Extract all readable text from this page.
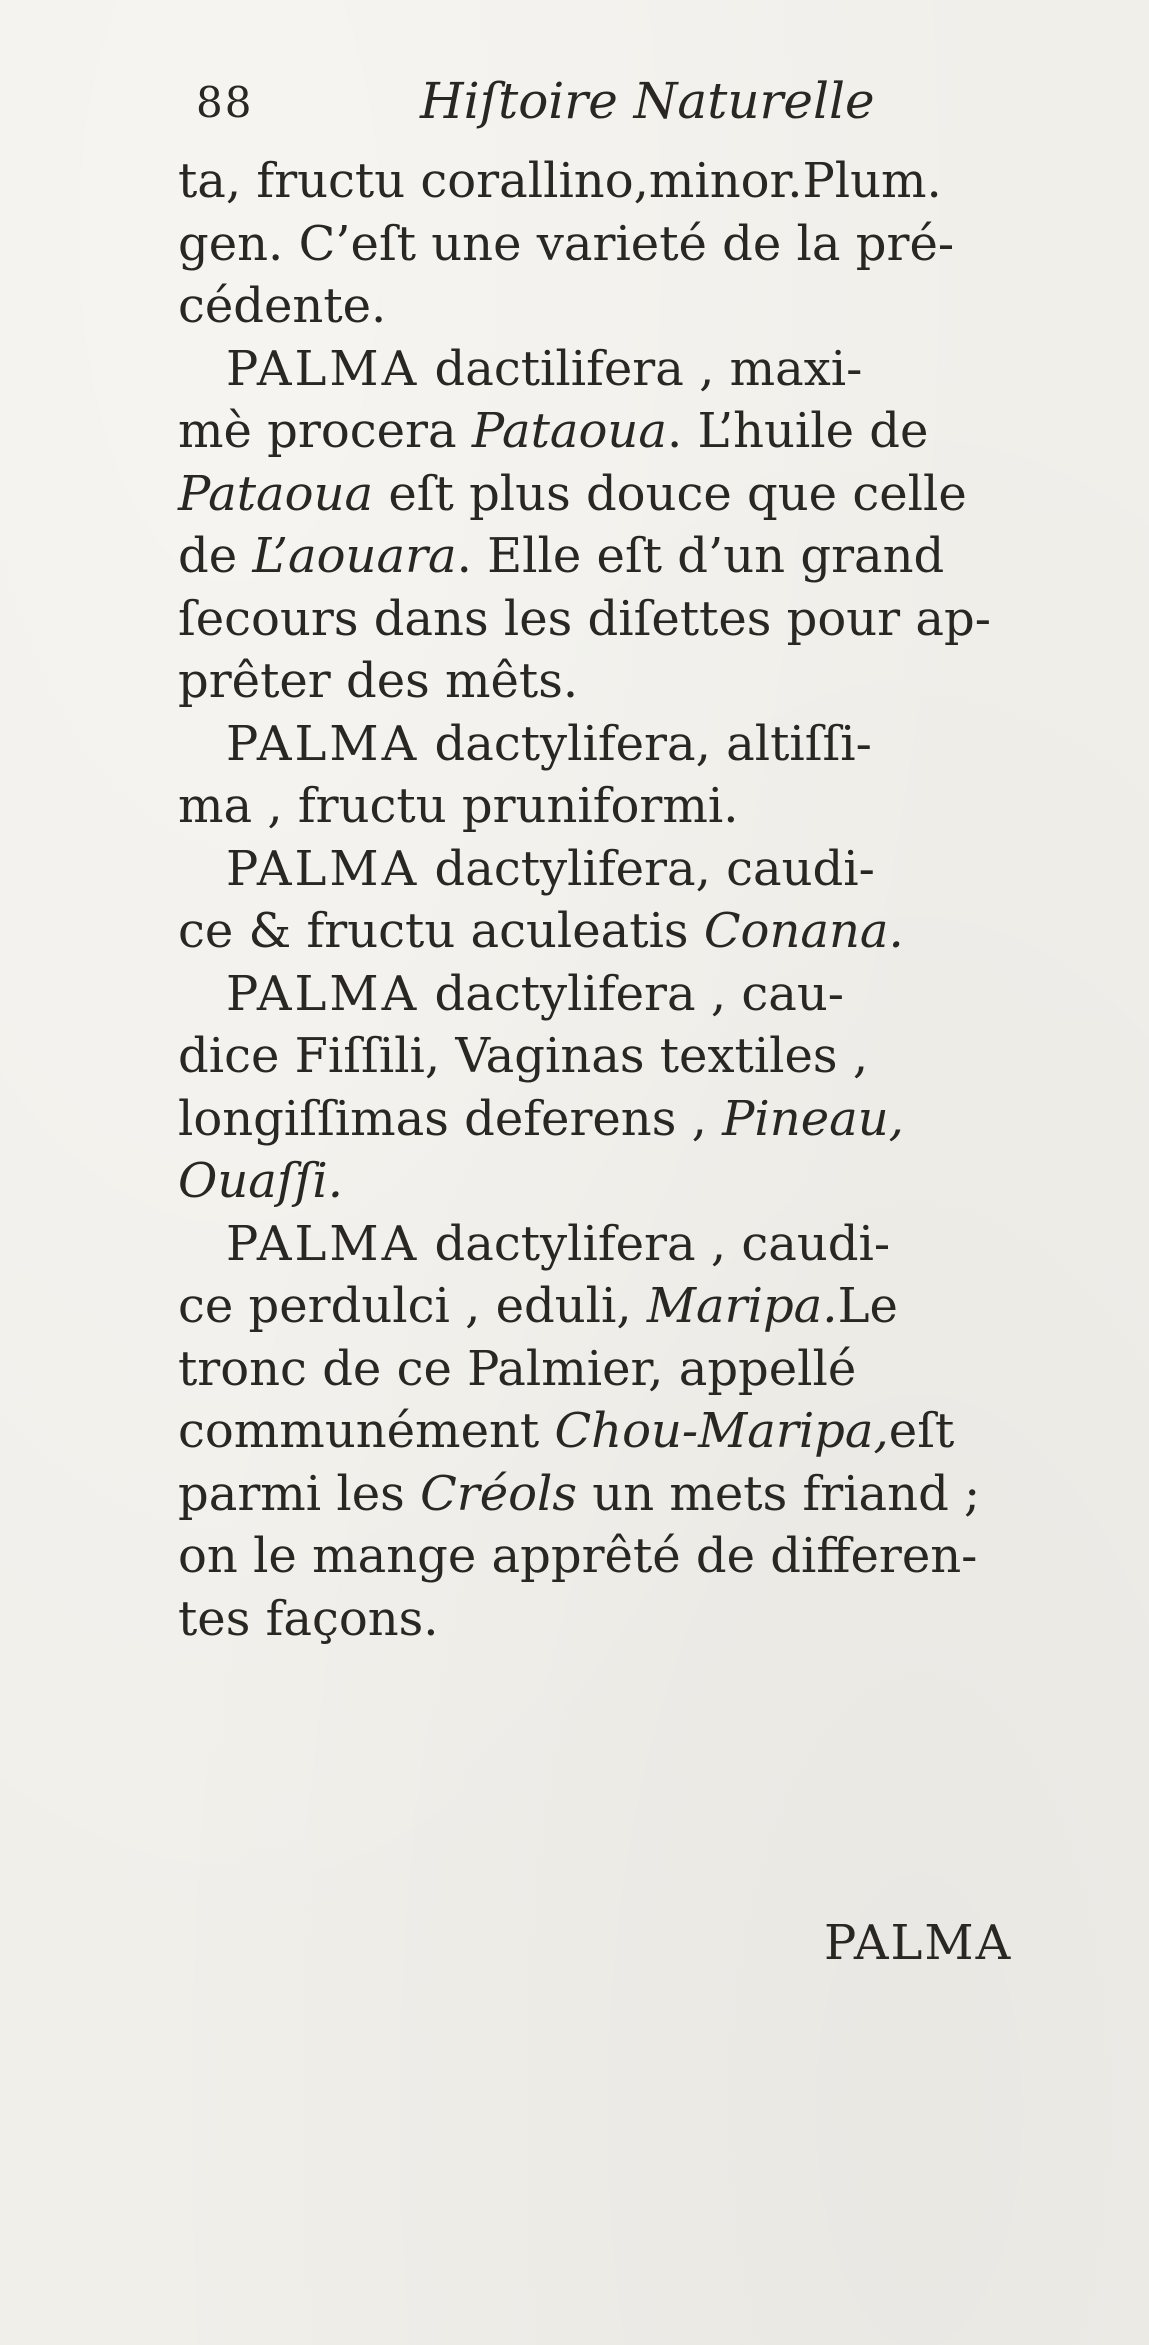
88	Hiſtoire Naturelle
ta, fructu corallino,minor.Plum.
gen. C’eſt une varieté de la pré-
cédente.
PALMA dactilifera , maxi-
mè procera Pataoua. L’huile de
Pataoua eſt plus douce que celle
de L’aouara. Elle eſt d’un grand
ſecours dans les diſettes pour ap-
prêter des mêts.
PALMA dactylifera, altiſſi-
ma , fructu pruniformi.
PALMA dactylifera, caudi-
ce & fructu aculeatis Conana.
PALMA dactylifera , cau-
dice Fiſſili, Vaginas textiles ,
longiſſimas deferens , Pineau,
Ouaſſi.
PALMA dactylifera , caudi-
ce perdulci , eduli, Maripa.Le
tronc de ce Palmier, appellé
communément Chou-Maripa,eſt
parmi les Créols un mets friand ;
on le mange apprêté de differen-
tes façons.
PALMA
